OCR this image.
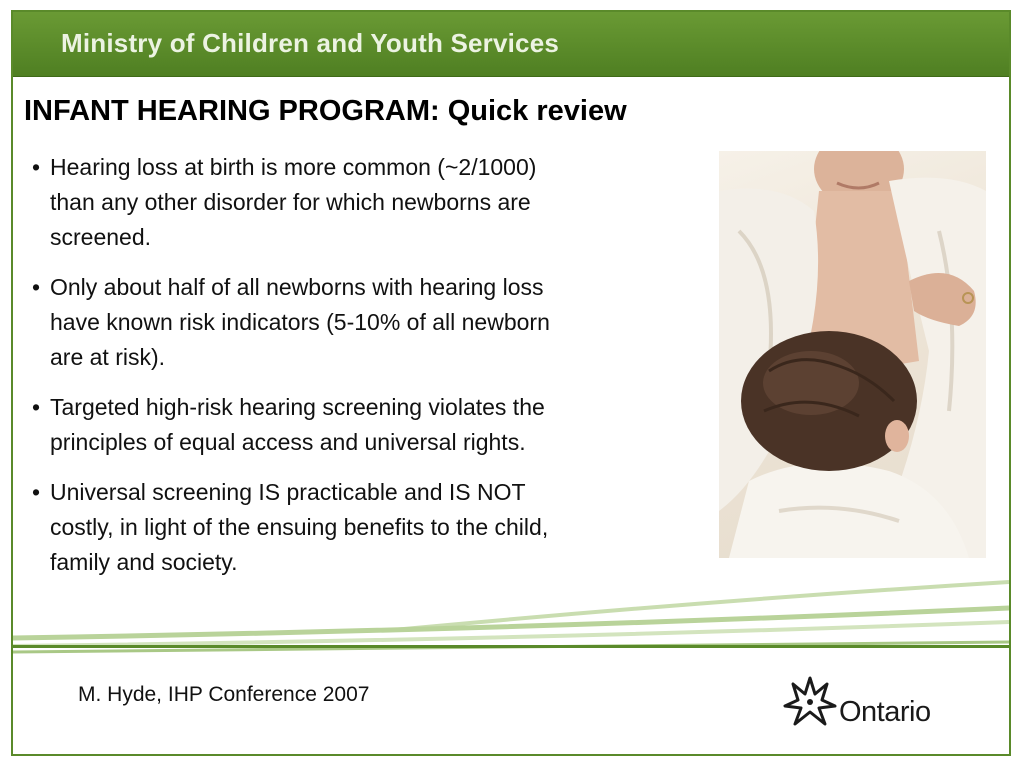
Ministry of Children and Youth Services
INFANT HEARING PROGRAM: Quick review
• Hearing loss at birth is more common (~2/1000)
than any other disorder for which newborns are
screened.
• Only about half of all newborns with hearing loss
have known risk indicators (5-10% of all newborn
are at risk).
• Targeted high-risk hearing screening violates the
principles of equal access and universal rights.
• Universal screening IS practicable and IS NOT
costly, in light of the ensuing benefits to the child,
family and society.
M. Hyde, IHP Conference 2007
Ontario
